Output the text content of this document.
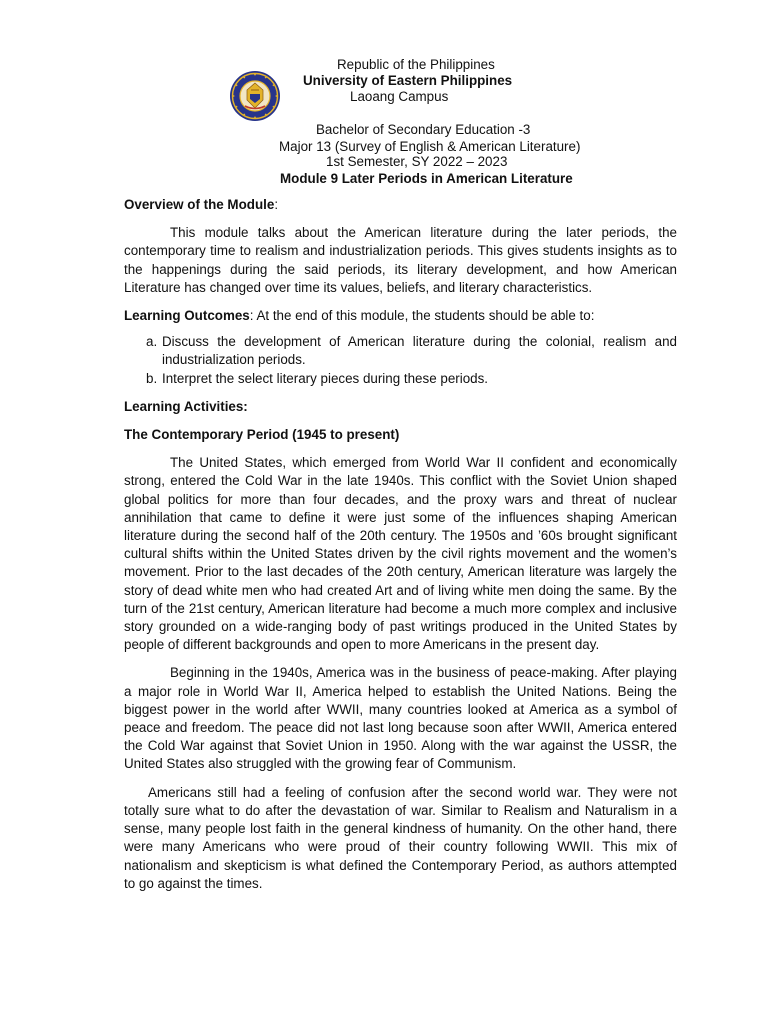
Republic of the Philippines
University of Eastern Philippines
Laoang Campus
Bachelor of Secondary Education -3
Major 13 (Survey of English & American Literature)
1st Semester, SY 2022 – 2023
Module 9 Later Periods in American Literature

Overview of the Module:

This module talks about the American literature during the later periods, the contemporary time to realism and industrialization periods. This gives students insights as to the happenings during the said periods, its literary development, and how American Literature has changed over time its values, beliefs, and literary characteristics.

Learning Outcomes: At the end of this module, the students should be able to:

a. Discuss the development of American literature during the colonial, realism and industrialization periods.
b. Interpret the select literary pieces during these periods.

Learning Activities:

The Contemporary Period (1945 to present)

The United States, which emerged from World War II confident and economically strong, entered the Cold War in the late 1940s. This conflict with the Soviet Union shaped global politics for more than four decades, and the proxy wars and threat of nuclear annihilation that came to define it were just some of the influences shaping American literature during the second half of the 20th century. The 1950s and ’60s brought significant cultural shifts within the United States driven by the civil rights movement and the women’s movement. Prior to the last decades of the 20th century, American literature was largely the story of dead white men who had created Art and of living white men doing the same. By the turn of the 21st century, American literature had become a much more complex and inclusive story grounded on a wide-ranging body of past writings produced in the United States by people of different backgrounds and open to more Americans in the present day.

Beginning in the 1940s, America was in the business of peace-making. After playing a major role in World War II, America helped to establish the United Nations. Being the biggest power in the world after WWII, many countries looked at America as a symbol of peace and freedom. The peace did not last long because soon after WWII, America entered the Cold War against that Soviet Union in 1950. Along with the war against the USSR, the United States also struggled with the growing fear of Communism.

Americans still had a feeling of confusion after the second world war. They were not totally sure what to do after the devastation of war. Similar to Realism and Naturalism in a sense, many people lost faith in the general kindness of humanity. On the other hand, there were many Americans who were proud of their country following WWII. This mix of nationalism and skepticism is what defined the Contemporary Period, as authors attempted to go against the times.
